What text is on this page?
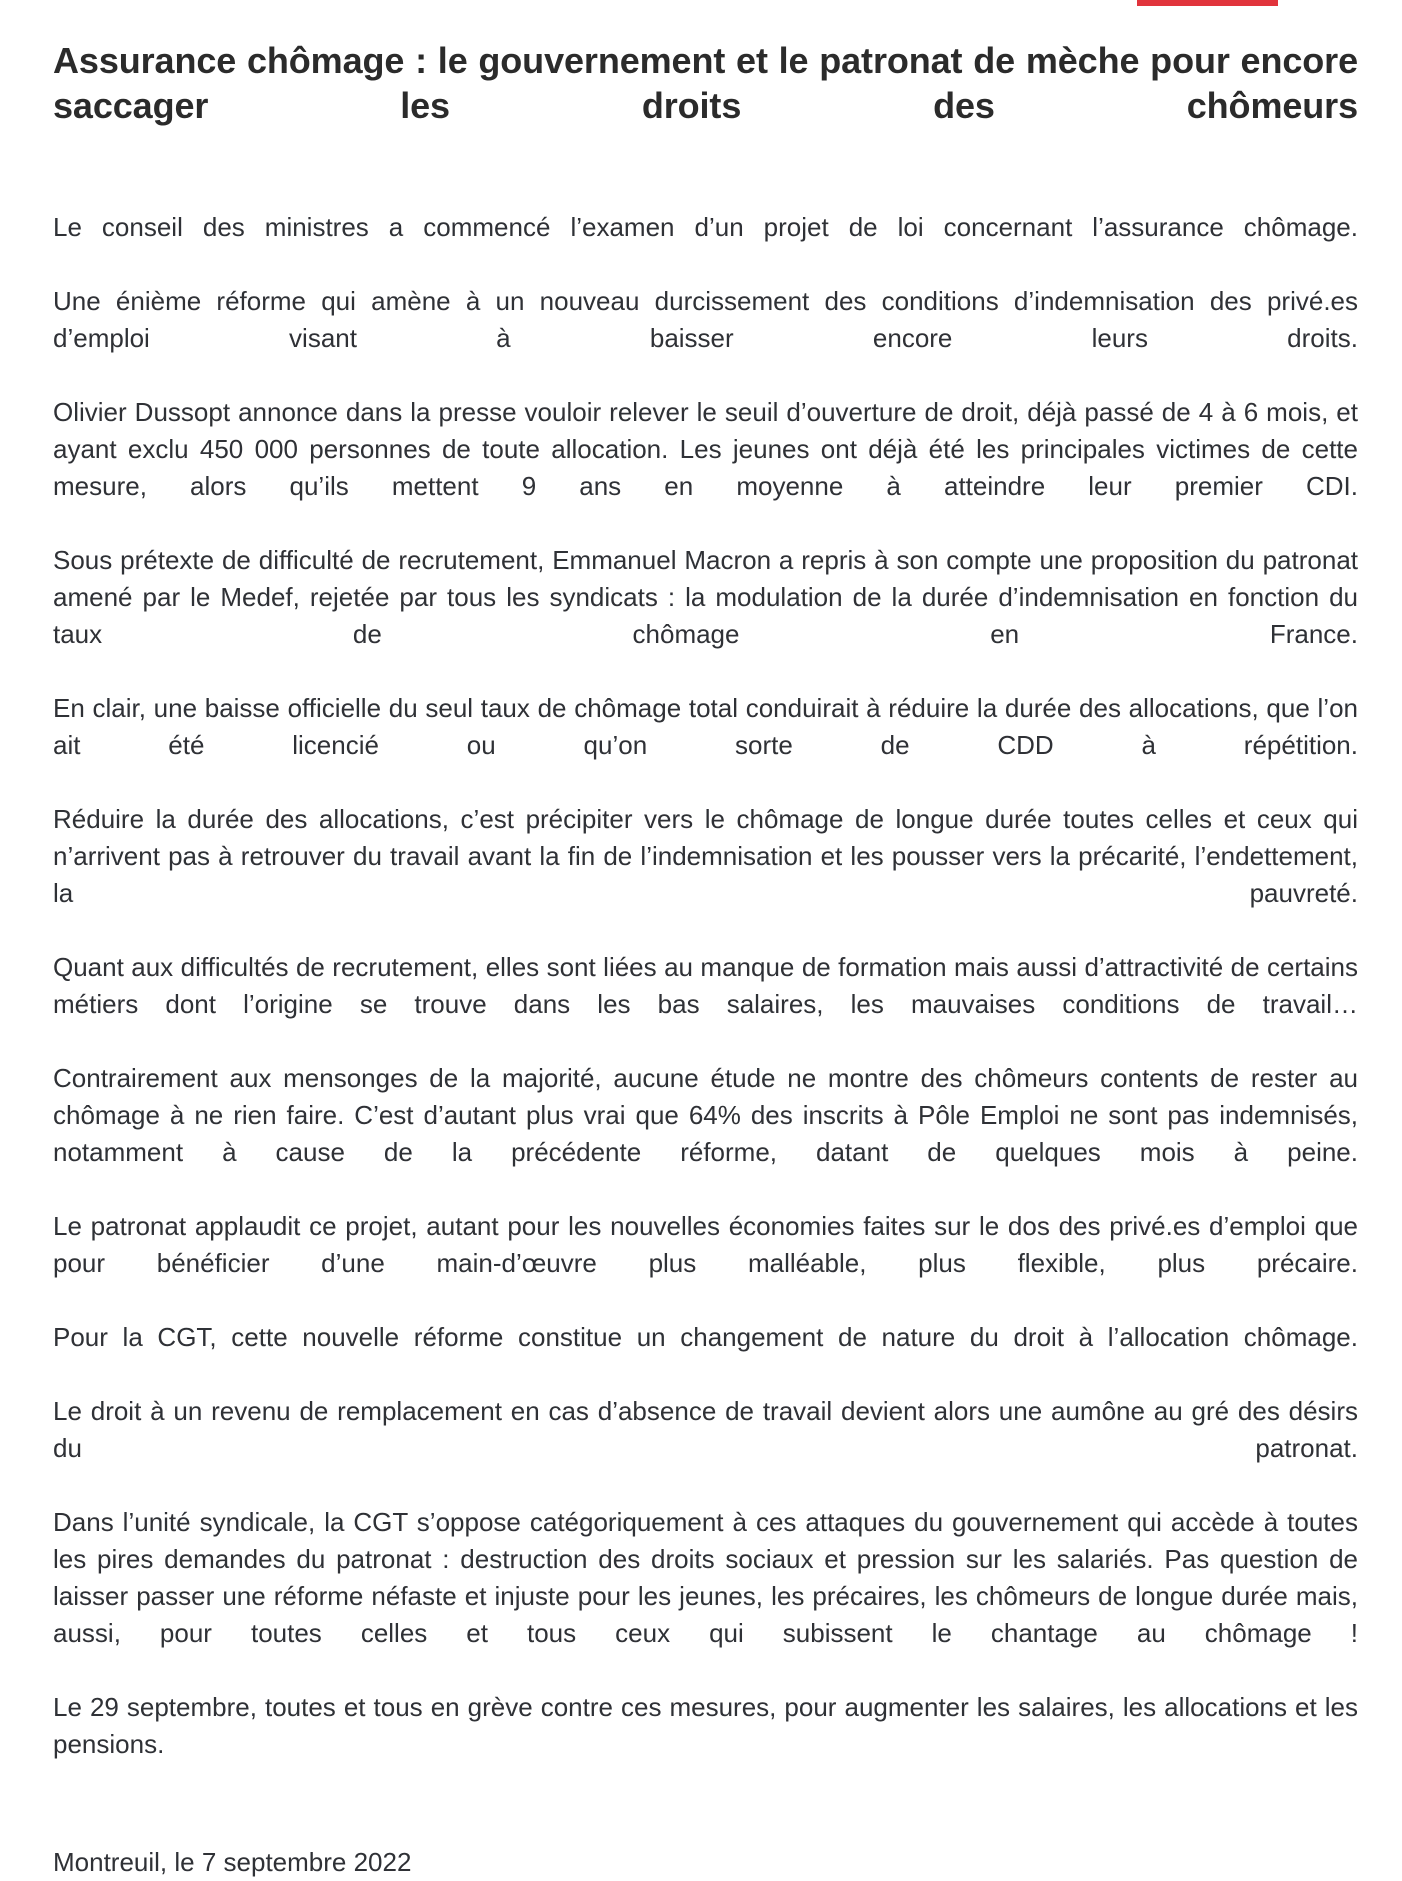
Assurance chômage : le gouvernement et le patronat de mèche pour encore saccager les droits des chômeurs

Le conseil des ministres a commencé l’examen d’un projet de loi concernant l’assurance chômage.

Une énième réforme qui amène à un nouveau durcissement des conditions d’indemnisation des privé.es d’emploi visant à baisser encore leurs droits.

Olivier Dussopt annonce dans la presse vouloir relever le seuil d’ouverture de droit, déjà passé de 4 à 6 mois, et ayant exclu 450 000 personnes de toute allocation. Les jeunes ont déjà été les principales victimes de cette mesure, alors qu’ils mettent 9 ans en moyenne à atteindre leur premier CDI.

Sous prétexte de difficulté de recrutement, Emmanuel Macron a repris à son compte une proposition du patronat amené par le Medef, rejetée par tous les syndicats : la modulation de la durée d’indemnisation en fonction du taux de chômage en France.

En clair, une baisse officielle du seul taux de chômage total conduirait à réduire la durée des allocations, que l’on ait été licencié ou qu’on sorte de CDD à répétition.

Réduire la durée des allocations, c’est précipiter vers le chômage de longue durée toutes celles et ceux qui n’arrivent pas à retrouver du travail avant la fin de l’indemnisation et les pousser vers la précarité, l’endettement, la pauvreté.

Quant aux difficultés de recrutement, elles sont liées au manque de formation mais aussi d’attractivité de certains métiers dont l’origine se trouve dans les bas salaires, les mauvaises conditions de travail…

Contrairement aux mensonges de la majorité, aucune étude ne montre des chômeurs contents de rester au chômage à ne rien faire. C’est d’autant plus vrai que 64% des inscrits à Pôle Emploi ne sont pas indemnisés, notamment à cause de la précédente réforme, datant de quelques mois à peine.

Le patronat applaudit ce projet, autant pour les nouvelles économies faites sur le dos des privé.es d’emploi que pour bénéficier d’une main-d’œuvre plus malléable, plus flexible, plus précaire.

Pour la CGT, cette nouvelle réforme constitue un changement de nature du droit à l’allocation chômage.

Le droit à un revenu de remplacement en cas d’absence de travail devient alors une aumône au gré des désirs du patronat.

Dans l’unité syndicale, la CGT s’oppose catégoriquement à ces attaques du gouvernement qui accède à toutes les pires demandes du patronat : destruction des droits sociaux et pression sur les salariés. Pas question de laisser passer une réforme néfaste et injuste pour les jeunes, les précaires, les chômeurs de longue durée mais, aussi, pour toutes celles et tous ceux qui subissent le chantage au chômage !

Le 29 septembre, toutes et tous en grève contre ces mesures, pour augmenter les salaires, les allocations et les pensions.

Montreuil, le 7 septembre 2022
